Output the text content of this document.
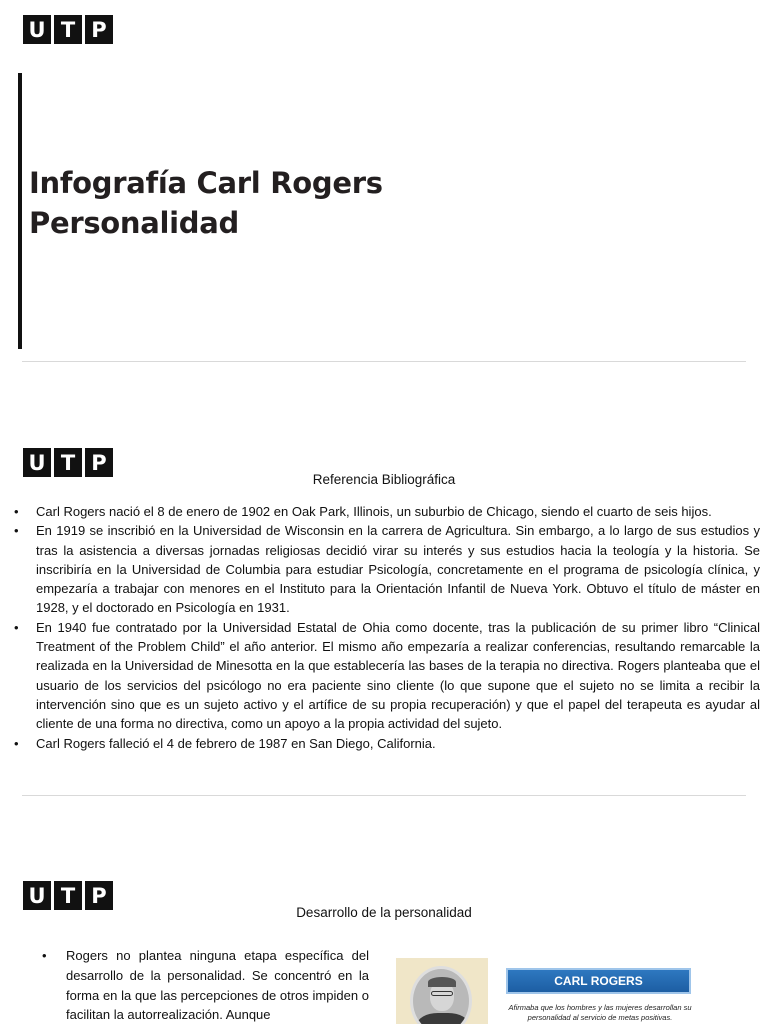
U T P
Infografía Carl Rogers
Personalidad
U T P
Referencia Bibliográfica
• Carl Rogers nació el 8 de enero de 1902 en Oak Park, Illinois, un suburbio de Chicago, siendo el cuarto de seis hijos.
• En 1919 se inscribió en la Universidad de Wisconsin en la carrera de Agricultura. Sin embargo, a lo largo de sus estudios y tras la asistencia a diversas jornadas religiosas decidió virar su interés y sus estudios hacia la teología y la historia. Se inscribiría en la Universidad de Columbia para estudiar Psicología, concretamente en el programa de psicología clínica, y empezaría a trabajar con menores en el Instituto para la Orientación Infantil de Nueva York. Obtuvo el título de máster en 1928, y el doctorado en Psicología en 1931.
• En 1940 fue contratado por la Universidad Estatal de Ohia como docente, tras la publicación de su primer libro “Clinical Treatment of the Problem Child” el año anterior. El mismo año empezaría a realizar conferencias, resultando remarcable la realizada en la Universidad de Minesotta en la que establecería las bases de la terapia no directiva. Rogers planteaba que el usuario de los servicios del psicólogo no era paciente sino cliente (lo que supone que el sujeto no se limita a recibir la intervención sino que es un sujeto activo y el artífice de su propia recuperación) y que el papel del terapeuta es ayudar al cliente de una forma no directiva, como un apoyo a la propia actividad del sujeto.
• Carl Rogers falleció el 4 de febrero de 1987 en San Diego, California.
U T P
Desarrollo de la personalidad
• Rogers no plantea ninguna etapa específica del desarrollo de la personalidad. Se concentró en la forma en la que las percepciones de otros impiden o facilitan la autorrealización. Aunque
CARL ROGERS
Afirmaba que los hombres y las mujeres desarrollan su personalidad al servicio de metas positivas.
